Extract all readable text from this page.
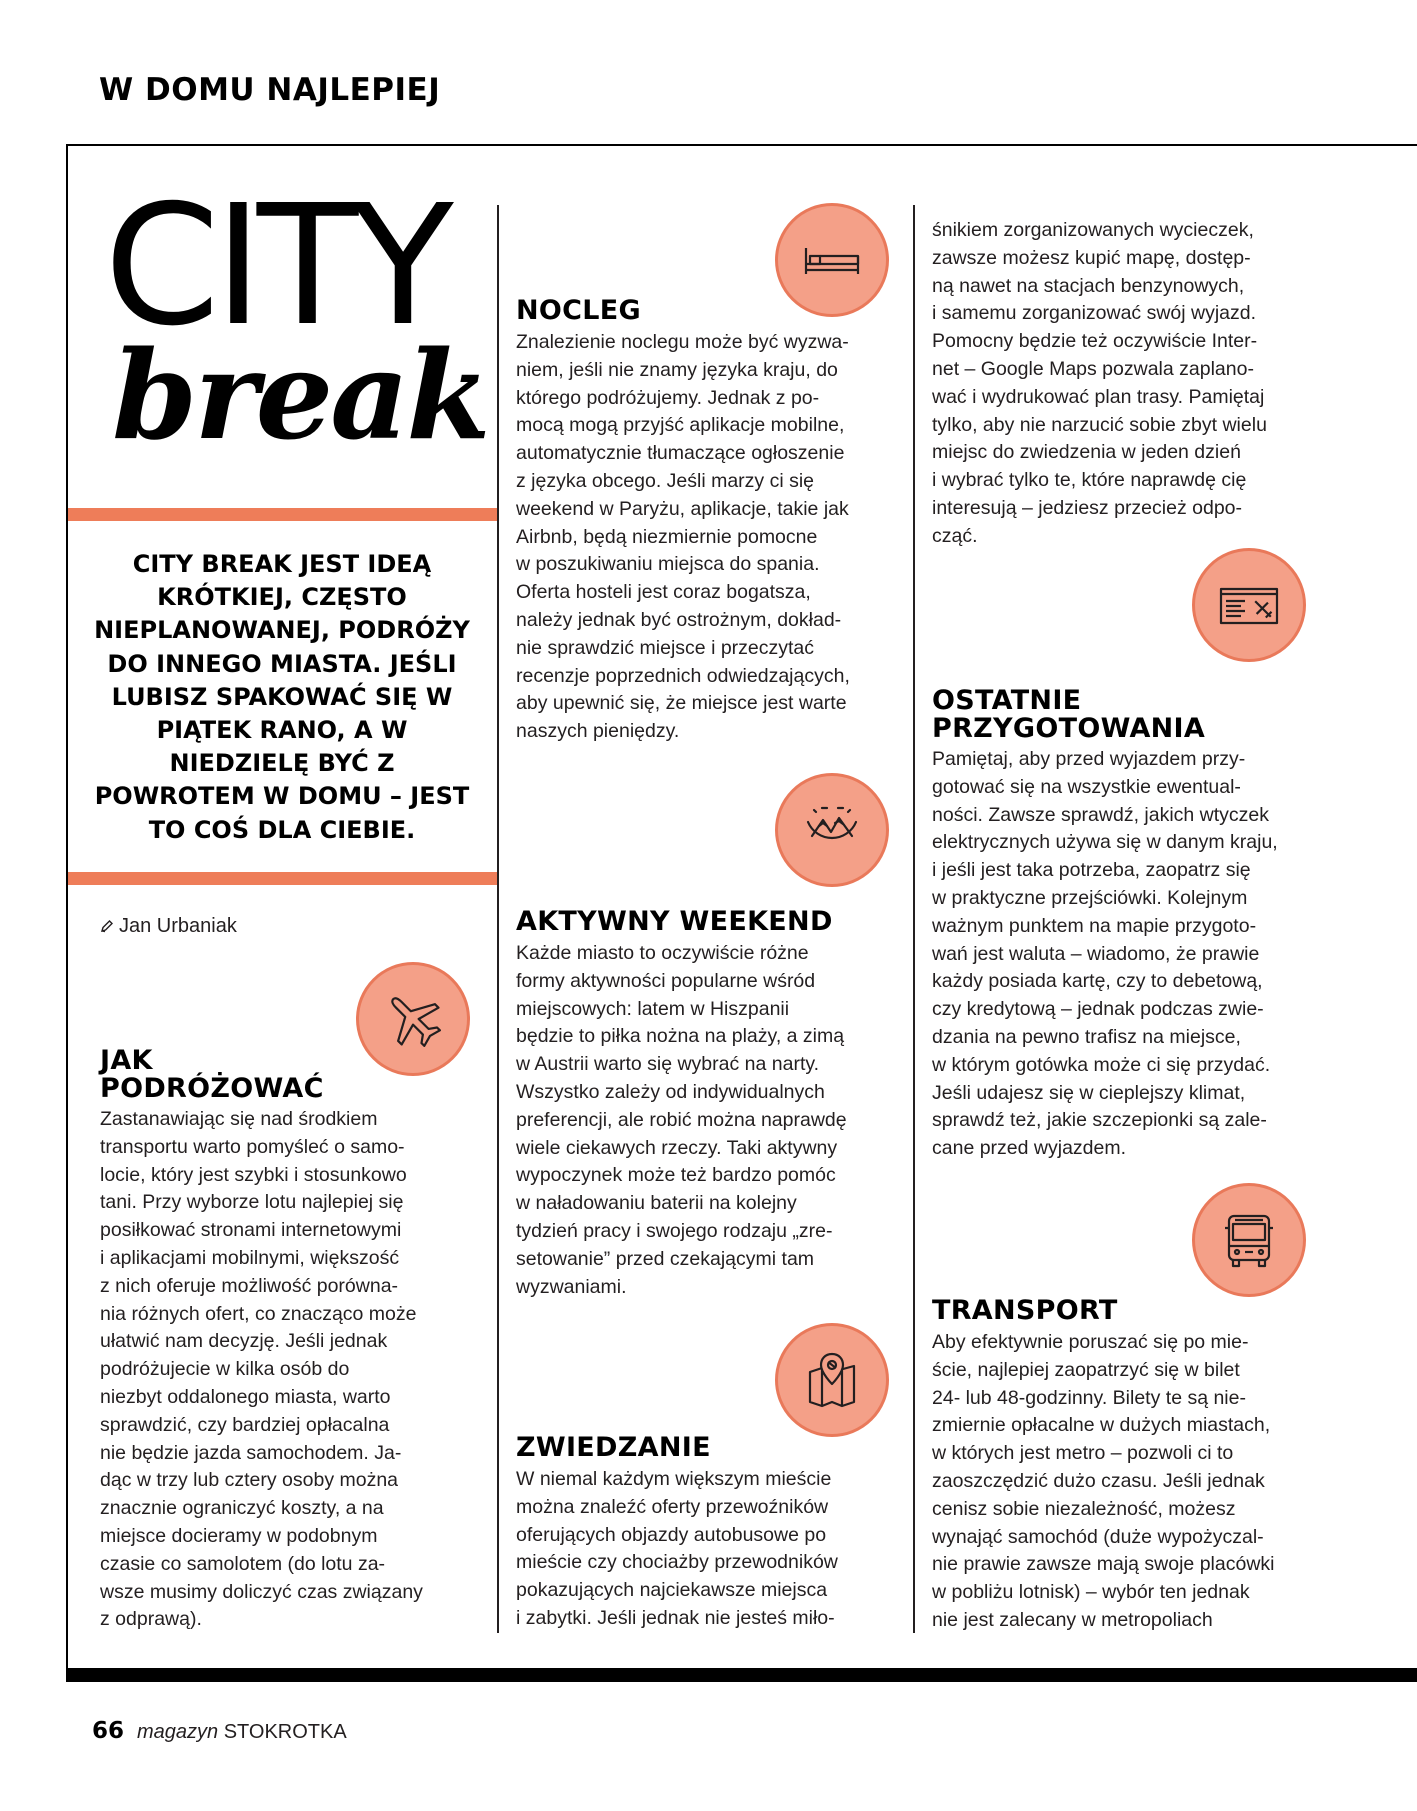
W DOMU NAJLEPIEJ
CITY
break
CITY BREAK JEST IDEĄ KRÓTKIEJ, CZĘSTO NIEPLANOWANEJ, PODRÓŻY DO INNEGO MIASTA. JEŚLI LUBISZ SPAKOWAĆ SIĘ W PIĄTEK RANO, A W NIEDZIELĘ BYĆ Z POWROTEM W DOMU – JEST TO COŚ DLA CIEBIE.
Jan Urbaniak
JAK
PODRÓŻOWAĆ

Zastanawiając się nad środkiem
transportu warto pomyśleć o samo-
locie, który jest szybki i stosunkowo
tani. Przy wyborze lotu najlepiej się
posiłkować stronami internetowymi
i aplikacjami mobilnymi, większość
z nich oferuje możliwość porówna-
nia różnych ofert, co znacząco może
ułatwić nam decyzję. Jeśli jednak
podróżujecie w kilka osób do
niezbyt oddalonego miasta, warto
sprawdzić, czy bardziej opłacalna
nie będzie jazda samochodem. Ja-
dąc w trzy lub cztery osoby można
znacznie ograniczyć koszty, a na
miejsce docieramy w podobnym
czasie co samolotem (do lotu za-
wsze musimy doliczyć czas związany
z odprawą).

NOCLEG

Znalezienie noclegu może być wyzwa-
niem, jeśli nie znamy języka kraju, do
którego podróżujemy. Jednak z po-
mocą mogą przyjść aplikacje mobilne,
automatycznie tłumaczące ogłoszenie
z języka obcego. Jeśli marzy ci się
weekend w Paryżu, aplikacje, takie jak
Airbnb, będą niezmiernie pomocne
w poszukiwaniu miejsca do spania.
Oferta hosteli jest coraz bogatsza,
należy jednak być ostrożnym, dokład-
nie sprawdzić miejsce i przeczytać
recenzje poprzednich odwiedzających,
aby upewnić się, że miejsce jest warte
naszych pieniędzy.

AKTYWNY WEEKEND

Każde miasto to oczywiście różne
formy aktywności popularne wśród
miejscowych: latem w Hiszpanii
będzie to piłka nożna na plaży, a zimą
w Austrii warto się wybrać na narty.
Wszystko zależy od indywidualnych
preferencji, ale robić można naprawdę
wiele ciekawych rzeczy. Taki aktywny
wypoczynek może też bardzo pomóc
w naładowaniu baterii na kolejny
tydzień pracy i swojego rodzaju „zre-
setowanie” przed czekającymi tam
wyzwaniami.

ZWIEDZANIE

W niemal każdym większym mieście
można znaleźć oferty przewoźników
oferujących objazdy autobusowe po
mieście czy chociażby przewodników
pokazujących najciekawsze miejsca
i zabytki. Jeśli jednak nie jesteś miło-

śnikiem zorganizowanych wycieczek,
zawsze możesz kupić mapę, dostęp-
ną nawet na stacjach benzynowych,
i samemu zorganizować swój wyjazd.
Pomocny będzie też oczywiście Inter-
net – Google Maps pozwala zaplano-
wać i wydrukować plan trasy. Pamiętaj
tylko, aby nie narzucić sobie zbyt wielu
miejsc do zwiedzenia w jeden dzień
i wybrać tylko te, które naprawdę cię
interesują – jedziesz przecież odpo-
cząć.

OSTATNIE
PRZYGOTOWANIA

Pamiętaj, aby przed wyjazdem przy-
gotować się na wszystkie ewentual-
ności. Zawsze sprawdź, jakich wtyczek
elektrycznych używa się w danym kraju,
i jeśli jest taka potrzeba, zaopatrz się
w praktyczne przejściówki. Kolejnym
ważnym punktem na mapie przygoto-
wań jest waluta – wiadomo, że prawie
każdy posiada kartę, czy to debetową,
czy kredytową – jednak podczas zwie-
dzania na pewno trafisz na miejsce,
w którym gotówka może ci się przydać.
Jeśli udajesz się w cieplejszy klimat,
sprawdź też, jakie szczepionki są zale-
cane przed wyjazdem.

TRANSPORT

Aby efektywnie poruszać się po mie-
ście, najlepiej zaopatrzyć się w bilet
24- lub 48-godzinny. Bilety te są nie-
zmiernie opłacalne w dużych miastach,
w których jest metro – pozwoli ci to
zaoszczędzić dużo czasu. Jeśli jednak
cenisz sobie niezależność, możesz
wynająć samochód (duże wypożyczal-
nie prawie zawsze mają swoje placówki
w pobliżu lotnisk) – wybór ten jednak
nie jest zalecany w metropoliach

66 magazyn STOKROTKA
